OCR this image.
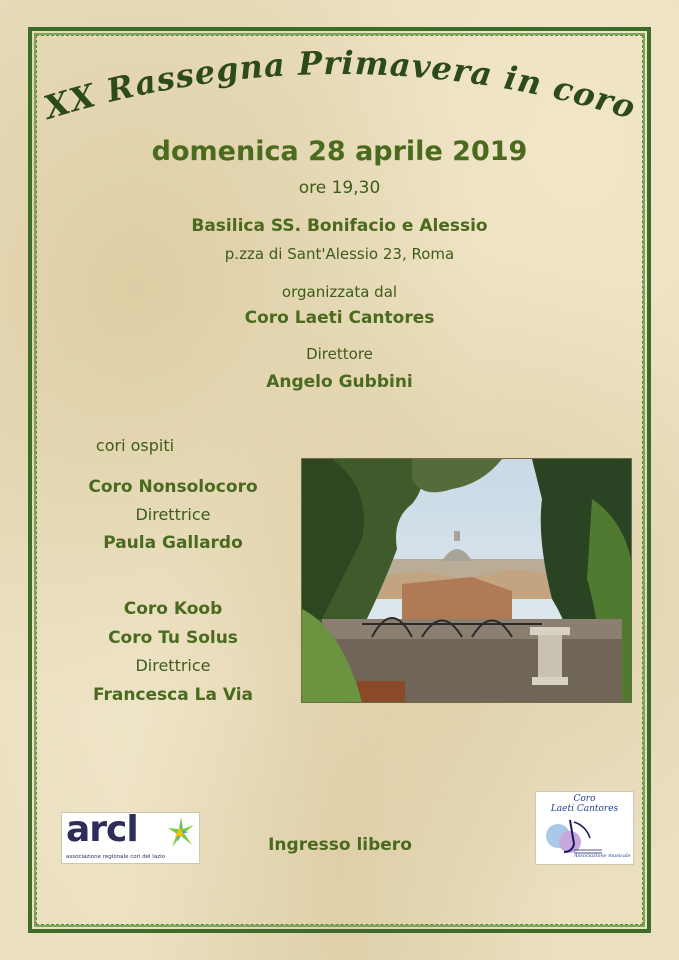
XX Rassegna Primavera in coro
domenica 28 aprile 2019
ore 19,30
Basilica SS. Bonifacio e Alessio
p.zza di Sant'Alessio 23, Roma
organizzata dal
Coro Laeti Cantores
Direttore
Angelo Gubbini
cori ospiti
Coro Nonsolocoro
Direttrice
Paula Gallardo
Coro Koob
Coro Tu Solus
Direttrice
Francesca La Via
arcl
associazione regionale cori del lazio
Ingresso libero
Coro
Laeti Cantores
Associazione musicale
